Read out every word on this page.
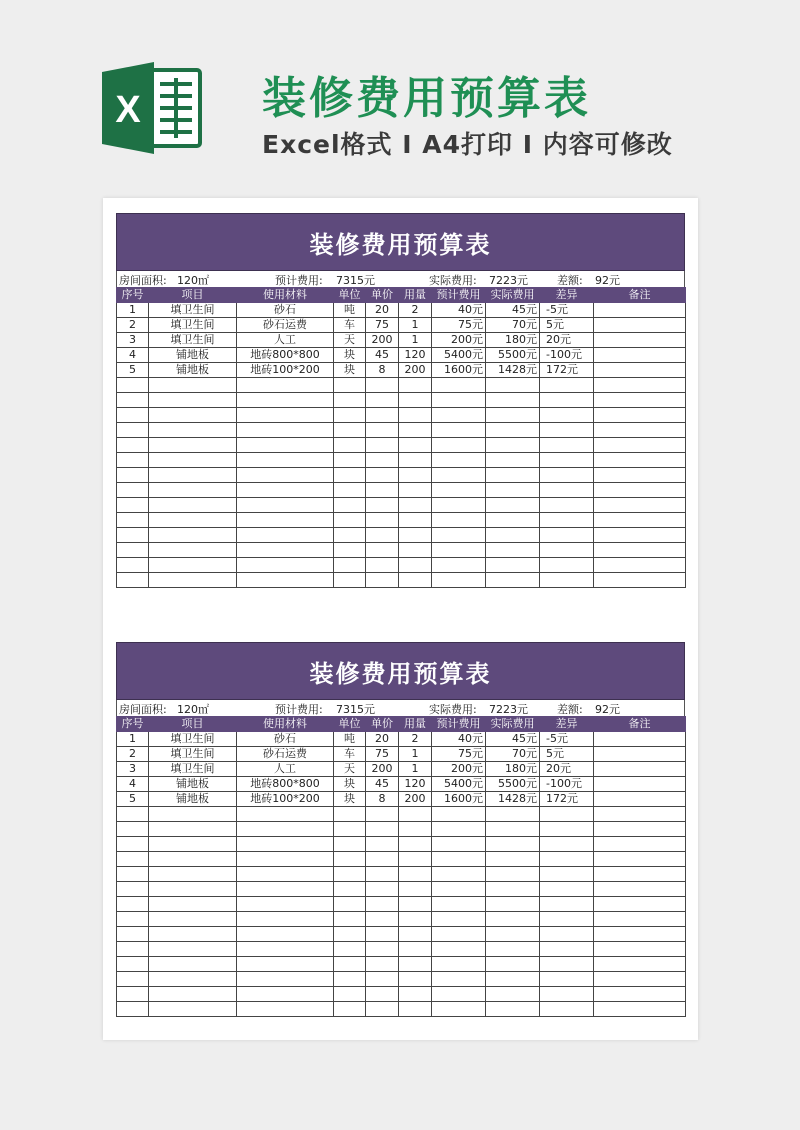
X	装修费用预算表
Excel格式 I A4打印 I 内容可修改
装修费用预算表
房间面积: 120㎡	预计费用: 7315元	实际费用: 7223元	差额: 92元
序号	项目	使用材料	单位	单价	用量	预计费用	实际费用	差异	备注
1	填卫生间	砂石	吨	20	2	40元	45元	-5元	
2	填卫生间	砂石运费	车	75	1	75元	70元	5元	
3	填卫生间	人工	天	200	1	200元	180元	20元	
4	铺地板	地砖800*800	块	45	120	5400元	5500元	-100元	
5	铺地板	地砖100*200	块	8	200	1600元	1428元	172元	

装修费用预算表
房间面积: 120㎡	预计费用: 7315元	实际费用: 7223元	差额: 92元
序号	项目	使用材料	单位	单价	用量	预计费用	实际费用	差异	备注
1	填卫生间	砂石	吨	20	2	40元	45元	-5元	
2	填卫生间	砂石运费	车	75	1	75元	70元	5元	
3	填卫生间	人工	天	200	1	200元	180元	20元	
4	铺地板	地砖800*800	块	45	120	5400元	5500元	-100元	
5	铺地板	地砖100*200	块	8	200	1600元	1428元	172元	
